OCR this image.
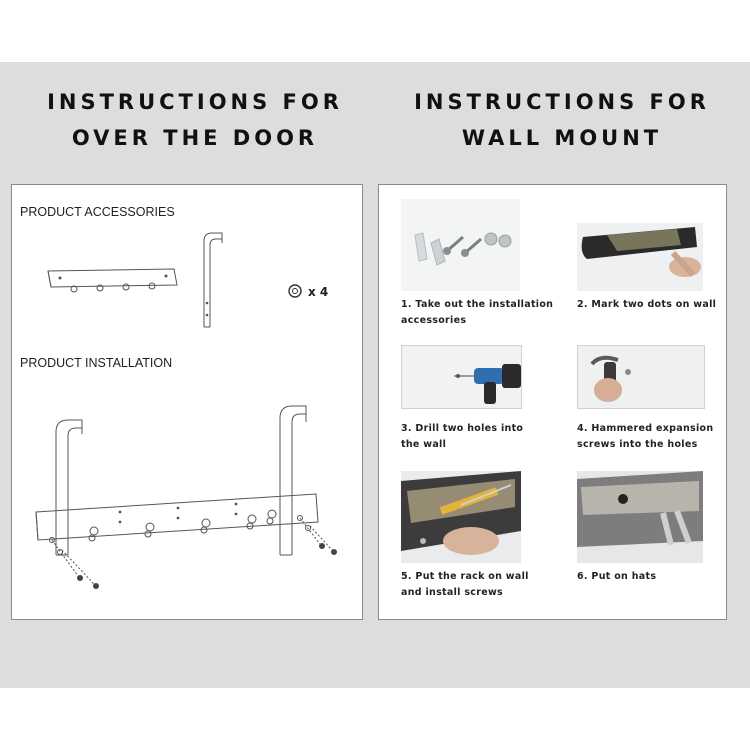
INSTRUCTIONS FOR
OVER THE DOOR
INSTRUCTIONS FOR
WALL MOUNT
PRODUCT ACCESSORIES
x 4
PRODUCT INSTALLATION
1. Take out the installation
accessories
2. Mark two dots on wall
3. Drill two holes into
the wall
4. Hammered expansion
screws into the holes
5. Put the rack on wall
and install screws
6. Put on hats
